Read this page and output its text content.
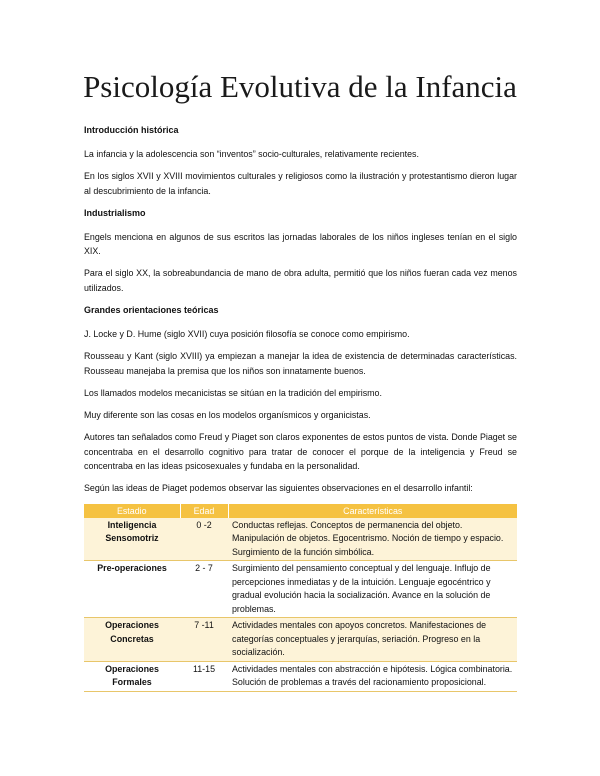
Psicología Evolutiva de la Infancia
Introducción histórica

La infancia y la adolescencia son “inventos” socio-culturales, relativamente recientes.

En los siglos XVII y XVIII movimientos culturales y religiosos como la ilustración y protestantismo dieron lugar al descubrimiento de la infancia.

Industrialismo

Engels menciona en algunos de sus escritos las jornadas laborales de los niños ingleses tenían en el siglo XIX.

Para el siglo XX, la sobreabundancia de mano de obra adulta, permitió que los niños fueran cada vez menos utilizados.

Grandes orientaciones teóricas

J. Locke y D. Hume (siglo XVII) cuya posición filosofía se conoce como empirismo.

Rousseau y Kant (siglo XVIII) ya empiezan a manejar la idea de existencia de determinadas características. Rousseau manejaba la premisa que los niños son innatamente buenos.

Los llamados modelos mecanicistas se sitúan en la tradición del empirismo.

Muy diferente son las cosas en los modelos organísmicos y organicistas.

Autores tan señalados como Freud y Piaget son claros exponentes de estos puntos de vista. Donde Piaget se concentraba en el desarrollo cognitivo para tratar de conocer el porque de la inteligencia y Freud se concentraba en las ideas psicosexuales y fundaba en la personalidad.

Según las ideas de Piaget podemos observar las siguientes observaciones en el desarrollo infantil:

Estadio	Edad	Características
Inteligencia Sensomotriz	0 -2	Conductas reflejas. Conceptos de permanencia del objeto. Manipulación de objetos. Egocentrismo. Noción de tiempo y espacio. Surgimiento de la función simbólica.
Pre-operaciones	2 - 7	Surgimiento del pensamiento conceptual y del lenguaje. Influjo de percepciones inmediatas y de la intuición. Lenguaje egocéntrico y gradual evolución hacia la socialización. Avance en la solución de problemas.
Operaciones Concretas	7 -11	Actividades mentales con apoyos concretos. Manifestaciones de categorías conceptuales y jerarquías, seriación. Progreso en la socialización.
Operaciones Formales	11-15	Actividades mentales con abstracción e hipótesis. Lógica combinatoria. Solución de problemas a través del racionamiento proposicional.
